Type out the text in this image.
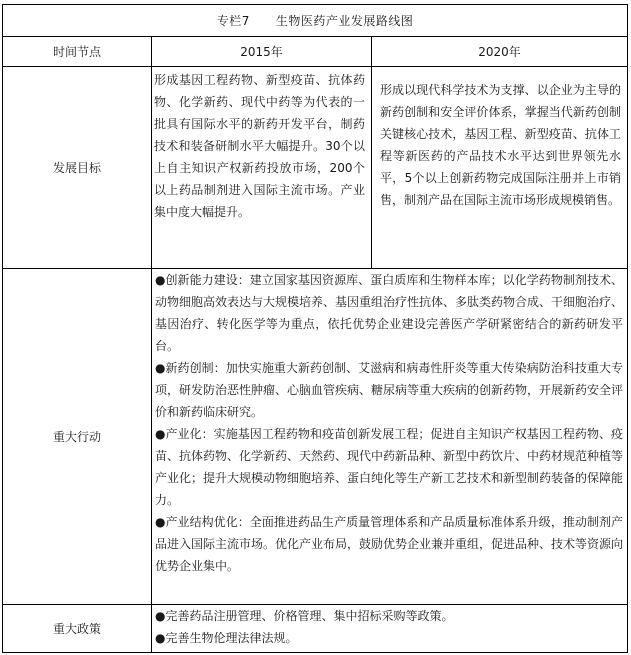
专栏7 生物医药产业发展路线图		
时间节点	2015年	2020年
发展目标	形成基因工程药物、新型疫苗、抗体药物、化学新药、现代中药等为代表的一批具有国际水平的新药开发平台，制药技术和装备研制水平大幅提升。30个以上自主知识产权新药投放市场，200个以上药品制剂进入国际主流市场。产业集中度大幅提升。	形成以现代科学技术为支撑、以企业为主导的新药创制和安全评价体系，掌握当代新药创制关键核心技术，基因工程、新型疫苗、抗体工程等新医药的产品技术水平达到世界领先水平，5个以上创新药物完成国际注册并上市销售，制剂产品在国际主流市场形成规模销售。

重大行动	●创新能力建设：建立国家基因资源库、蛋白质库和生物样本库；以化学药物制剂技术、动物细胞高效表达与大规模培养、基因重组治疗性抗体、多肽类药物合成、干细胞治疗、基因治疗、转化医学等为重点，依托优势企业建设完善医产学研紧密结合的新药研发平台。

●新药创制：加快实施重大新药创制、艾滋病和病毒性肝炎等重大传染病防治科技重大专项，研发防治恶性肿瘤、心脑血管疾病、糖尿病等重大疾病的创新药物，开展新药安全评价和新药临床研究。

●产业化：实施基因工程药物和疫苗创新发展工程；促进自主知识产权基因工程药物、疫苗、抗体药物、化学新药、天然药、现代中药新品种、新型中药饮片、中药材规范种植等产业化；提升大规模动物细胞培养、蛋白纯化等生产新工艺技术和新型制药装备的保障能力。

●产业结构优化：全面推进药品生产质量管理体系和产品质量标准体系升级，推动制剂产品进入国际主流市场。优化产业布局，鼓励优势企业兼并重组，促进品种、技术等资源向优势企业集中。	

重大政策	●完善药品注册管理、价格管理、集中招标采购等政策。

●完善生物伦理法律法规。	
